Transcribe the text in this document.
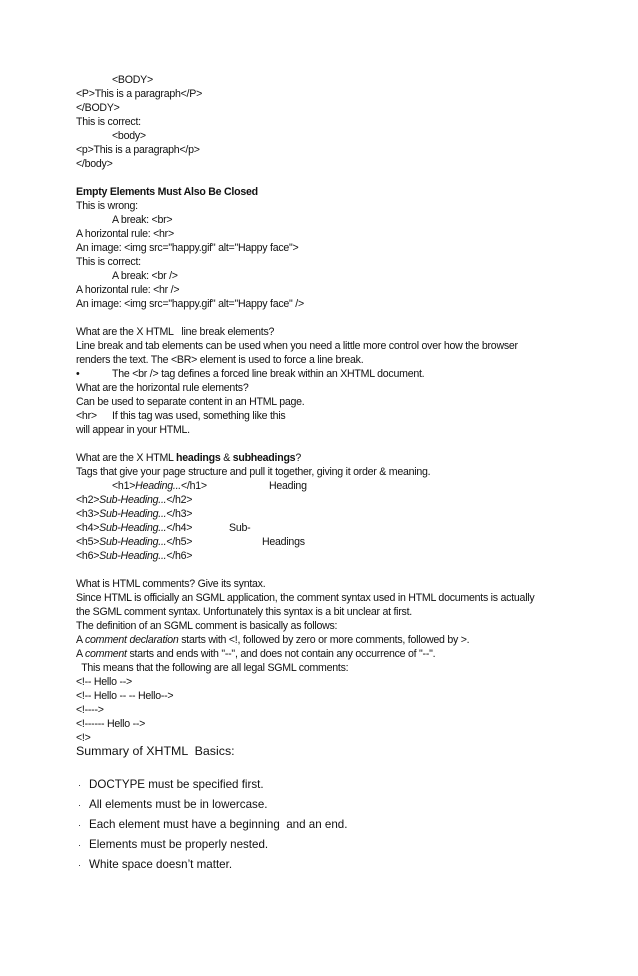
<BODY>
<P>This is a paragraph</P>
</BODY>
This is correct:
<body>
<p>This is a paragraph</p>
</body>
Empty Elements Must Also Be Closed
This is wrong:
A break: <br>
A horizontal rule: <hr>
An image: <img src="happy.gif" alt="Happy face">
This is correct:
A break: <br />
A horizontal rule: <hr />
An image: <img src="happy.gif" alt="Happy face" />
What are the X HTML   line break elements?
Line break and tab elements can be used when you need a little more control over how the browser
renders the text. The <BR> element is used to force a line break.
•	The <br /> tag defines a forced line break within an XHTML document.
What are the horizontal rule elements?
Can be used to separate content in an HTML page.
<hr> If this tag was used, something like this
will appear in your HTML.
What are the X HTML headings & subheadings?
Tags that give your page structure and pull it together, giving it order & meaning.
<h1>Heading...</h1>	Heading
<h2>Sub-Heading...</h2>
<h3>Sub-Heading...</h3>
<h4>Sub-Heading...</h4>	Sub-
<h5>Sub-Heading...</h5>	Headings
<h6>Sub-Heading...</h6>
What is HTML comments? Give its syntax.
Since HTML is officially an SGML application, the comment syntax used in HTML documents is actually
the SGML comment syntax. Unfortunately this syntax is a bit unclear at first.
The definition of an SGML comment is basically as follows:
A comment declaration starts with <!, followed by zero or more comments, followed by >.
A comment starts and ends with "--", and does not contain any occurrence of "--".
This means that the following are all legal SGML comments:
<!-- Hello -->
<!-- Hello -- -- Hello-->
<!---->
<!------ Hello -->
<!>
Summary of XHTML  Basics:
· DOCTYPE must be specified first.
· All elements must be in lowercase.
· Each element must have a beginning  and an end.
· Elements must be properly nested.
· White space doesn’t matter.
